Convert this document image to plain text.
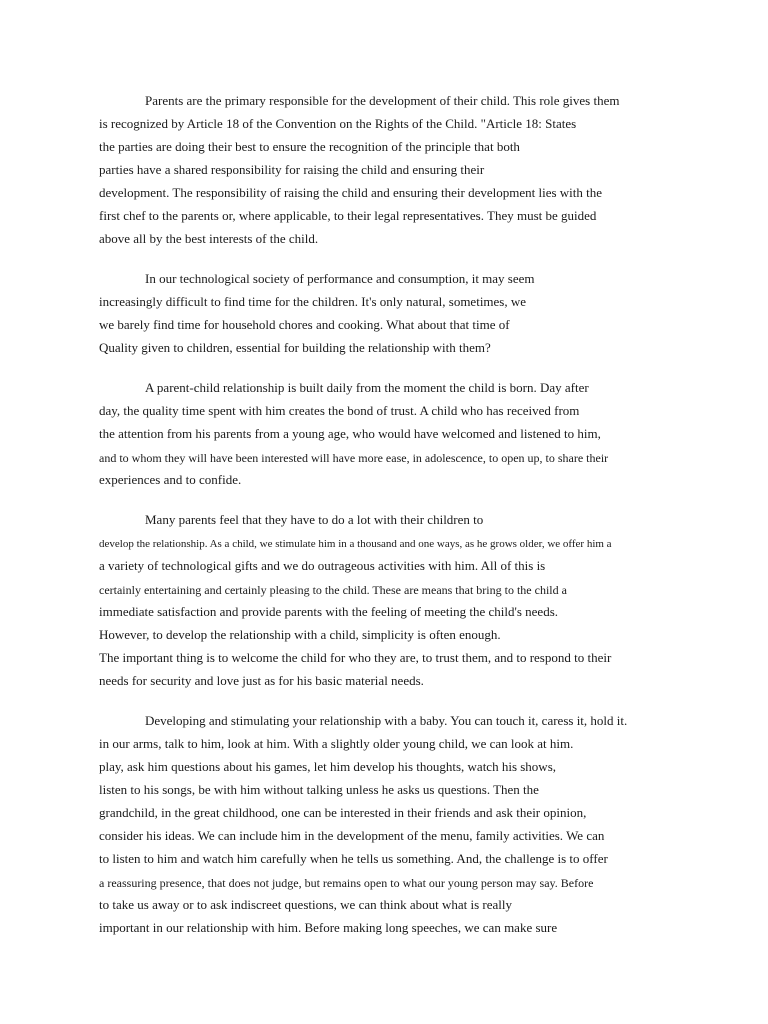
Parents are the primary responsible for the development of their child. This role gives them
is recognized by Article 18 of the Convention on the Rights of the Child. "Article 18: States
the parties are doing their best to ensure the recognition of the principle that both
parties have a shared responsibility for raising the child and ensuring their
development. The responsibility of raising the child and ensuring their development lies with the
first chef to the parents or, where applicable, to their legal representatives. They must be guided
above all by the best interests of the child.
In our technological society of performance and consumption, it may seem
increasingly difficult to find time for the children. It's only natural, sometimes, we
we barely find time for household chores and cooking. What about that time of
Quality given to children, essential for building the relationship with them?
A parent-child relationship is built daily from the moment the child is born. Day after
day, the quality time spent with him creates the bond of trust. A child who has received from
the attention from his parents from a young age, who would have welcomed and listened to him,
and to whom they will have been interested will have more ease, in adolescence, to open up, to share their
experiences and to confide.
Many parents feel that they have to do a lot with their children to
develop the relationship. As a child, we stimulate him in a thousand and one ways, as he grows older, we offer him a
a variety of technological gifts and we do outrageous activities with him. All of this is
certainly entertaining and certainly pleasing to the child. These are means that bring to the child a
immediate satisfaction and provide parents with the feeling of meeting the child's needs.
However, to develop the relationship with a child, simplicity is often enough.
The important thing is to welcome the child for who they are, to trust them, and to respond to their
needs for security and love just as for his basic material needs.
Developing and stimulating your relationship with a baby. You can touch it, caress it, hold it.
in our arms, talk to him, look at him. With a slightly older young child, we can look at him.
play, ask him questions about his games, let him develop his thoughts, watch his shows,
listen to his songs, be with him without talking unless he asks us questions. Then the
grandchild, in the great childhood, one can be interested in their friends and ask their opinion,
consider his ideas. We can include him in the development of the menu, family activities. We can
to listen to him and watch him carefully when he tells us something. And, the challenge is to offer
a reassuring presence, that does not judge, but remains open to what our young person may say. Before
to take us away or to ask indiscreet questions, we can think about what is really
important in our relationship with him. Before making long speeches, we can make sure
